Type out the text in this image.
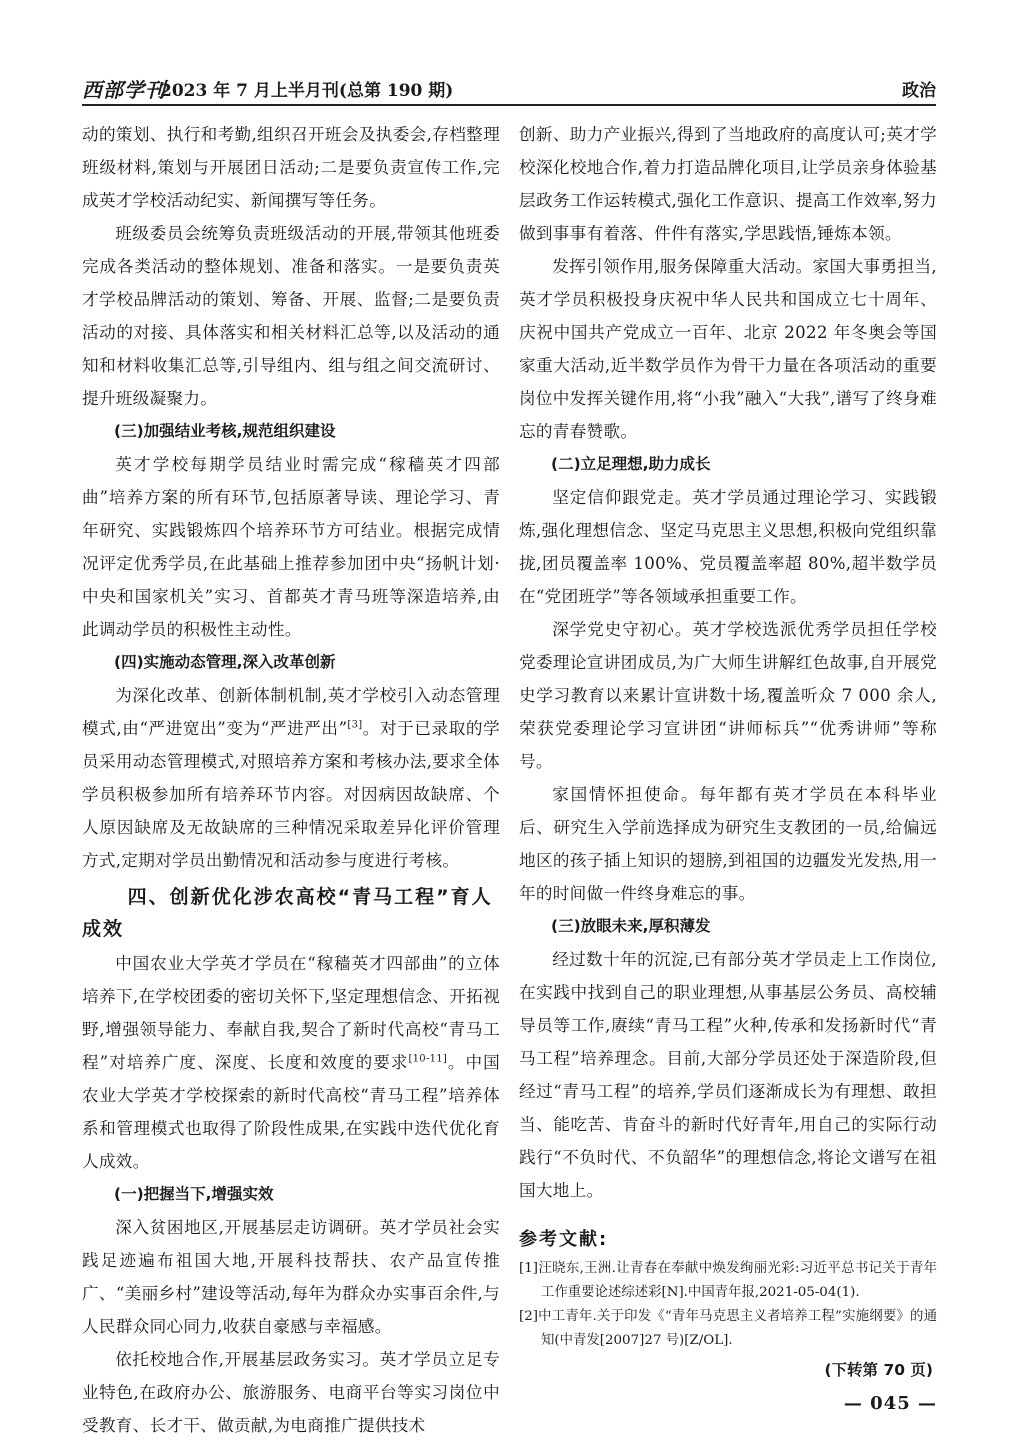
西部学刊
2023 年 7 月上半月刊(总第 190 期)	政治

动的策划、执行和考勤,组织召开班会及执委会,存档整理班级材料,策划与开展团日活动;二是要负责宣传工作,完成英才学校活动纪实、新闻撰写等任务。

班级委员会统筹负责班级活动的开展,带领其他班委完成各类活动的整体规划、准备和落实。一是要负责英才学校品牌活动的策划、筹备、开展、监督;二是要负责活动的对接、具体落实和相关材料汇总等,以及活动的通知和材料收集汇总等,引导组内、组与组之间交流研讨、提升班级凝聚力。

(三)加强结业考核,规范组织建设

英才学校每期学员结业时需完成“稼穑英才四部曲”培养方案的所有环节,包括原著导读、理论学习、青年研究、实践锻炼四个培养环节方可结业。根据完成情况评定优秀学员,在此基础上推荐参加团中央“扬帆计划·中央和国家机关”实习、首都英才青马班等深造培养,由此调动学员的积极性主动性。

(四)实施动态管理,深入改革创新

为深化改革、创新体制机制,英才学校引入动态管理模式,由“严进宽出”变为“严进严出”[3]。对于已录取的学员采用动态管理模式,对照培养方案和考核办法,要求全体学员积极参加所有培养环节内容。对因病因故缺席、个人原因缺席及无故缺席的三种情况采取差异化评价管理方式,定期对学员出勤情况和活动参与度进行考核。

四、创新优化涉农高校“青马工程”育人成效

中国农业大学英才学员在“稼穑英才四部曲”的立体培养下,在学校团委的密切关怀下,坚定理想信念、开拓视野,增强领导能力、奉献自我,契合了新时代高校“青马工程”对培养广度、深度、长度和效度的要求[10-11]。中国农业大学英才学校探索的新时代高校“青马工程”培养体系和管理模式也取得了阶段性成果,在实践中迭代优化育人成效。

(一)把握当下,增强实效

深入贫困地区,开展基层走访调研。英才学员社会实践足迹遍布祖国大地,开展科技帮扶、农产品宣传推广、“美丽乡村”建设等活动,每年为群众办实事百余件,与人民群众同心同力,收获自豪感与幸福感。

依托校地合作,开展基层政务实习。英才学员立足专业特色,在政府办公、旅游服务、电商平台等实习岗位中受教育、长才干、做贡献,为电商推广提供技术

创新、助力产业振兴,得到了当地政府的高度认可;英才学校深化校地合作,着力打造品牌化项目,让学员亲身体验基层政务工作运转模式,强化工作意识、提高工作效率,努力做到事事有着落、件件有落实,学思践悟,锤炼本领。

发挥引领作用,服务保障重大活动。家国大事勇担当,英才学员积极投身庆祝中华人民共和国成立七十周年、庆祝中国共产党成立一百年、北京 2022 年冬奥会等国家重大活动,近半数学员作为骨干力量在各项活动的重要岗位中发挥关键作用,将“小我”融入“大我”,谱写了终身难忘的青春赞歌。

(二)立足理想,助力成长

坚定信仰跟党走。英才学员通过理论学习、实践锻炼,强化理想信念、坚定马克思主义思想,积极向党组织靠拢,团员覆盖率 100%、党员覆盖率超 80%,超半数学员在“党团班学”等各领域承担重要工作。

深学党史守初心。英才学校选派优秀学员担任学校党委理论宣讲团成员,为广大师生讲解红色故事,自开展党史学习教育以来累计宣讲数十场,覆盖听众 7 000 余人,荣获党委理论学习宣讲团“讲师标兵”“优秀讲师”等称号。

家国情怀担使命。每年都有英才学员在本科毕业后、研究生入学前选择成为研究生支教团的一员,给偏远地区的孩子插上知识的翅膀,到祖国的边疆发光发热,用一年的时间做一件终身难忘的事。

(三)放眼未来,厚积薄发

经过数十年的沉淀,已有部分英才学员走上工作岗位,在实践中找到自己的职业理想,从事基层公务员、高校辅导员等工作,赓续“青马工程”火种,传承和发扬新时代“青马工程”培养理念。目前,大部分学员还处于深造阶段,但经过“青马工程”的培养,学员们逐渐成长为有理想、敢担当、能吃苦、肯奋斗的新时代好青年,用自己的实际行动践行“不负时代、不负韶华”的理想信念,将论文谱写在祖国大地上。

参考文献:

[1]汪晓东,王洲.让青春在奉献中焕发绚丽光彩:习近平总书记关于青年工作重要论述综述彩[N].中国青年报,2021-05-04(1).

[2]中工青年.关于印发《“青年马克思主义者培养工程”实施纲要》的通知(中青发[2007]27 号)[Z/OL].

(下转第 70 页)

— 045 —
